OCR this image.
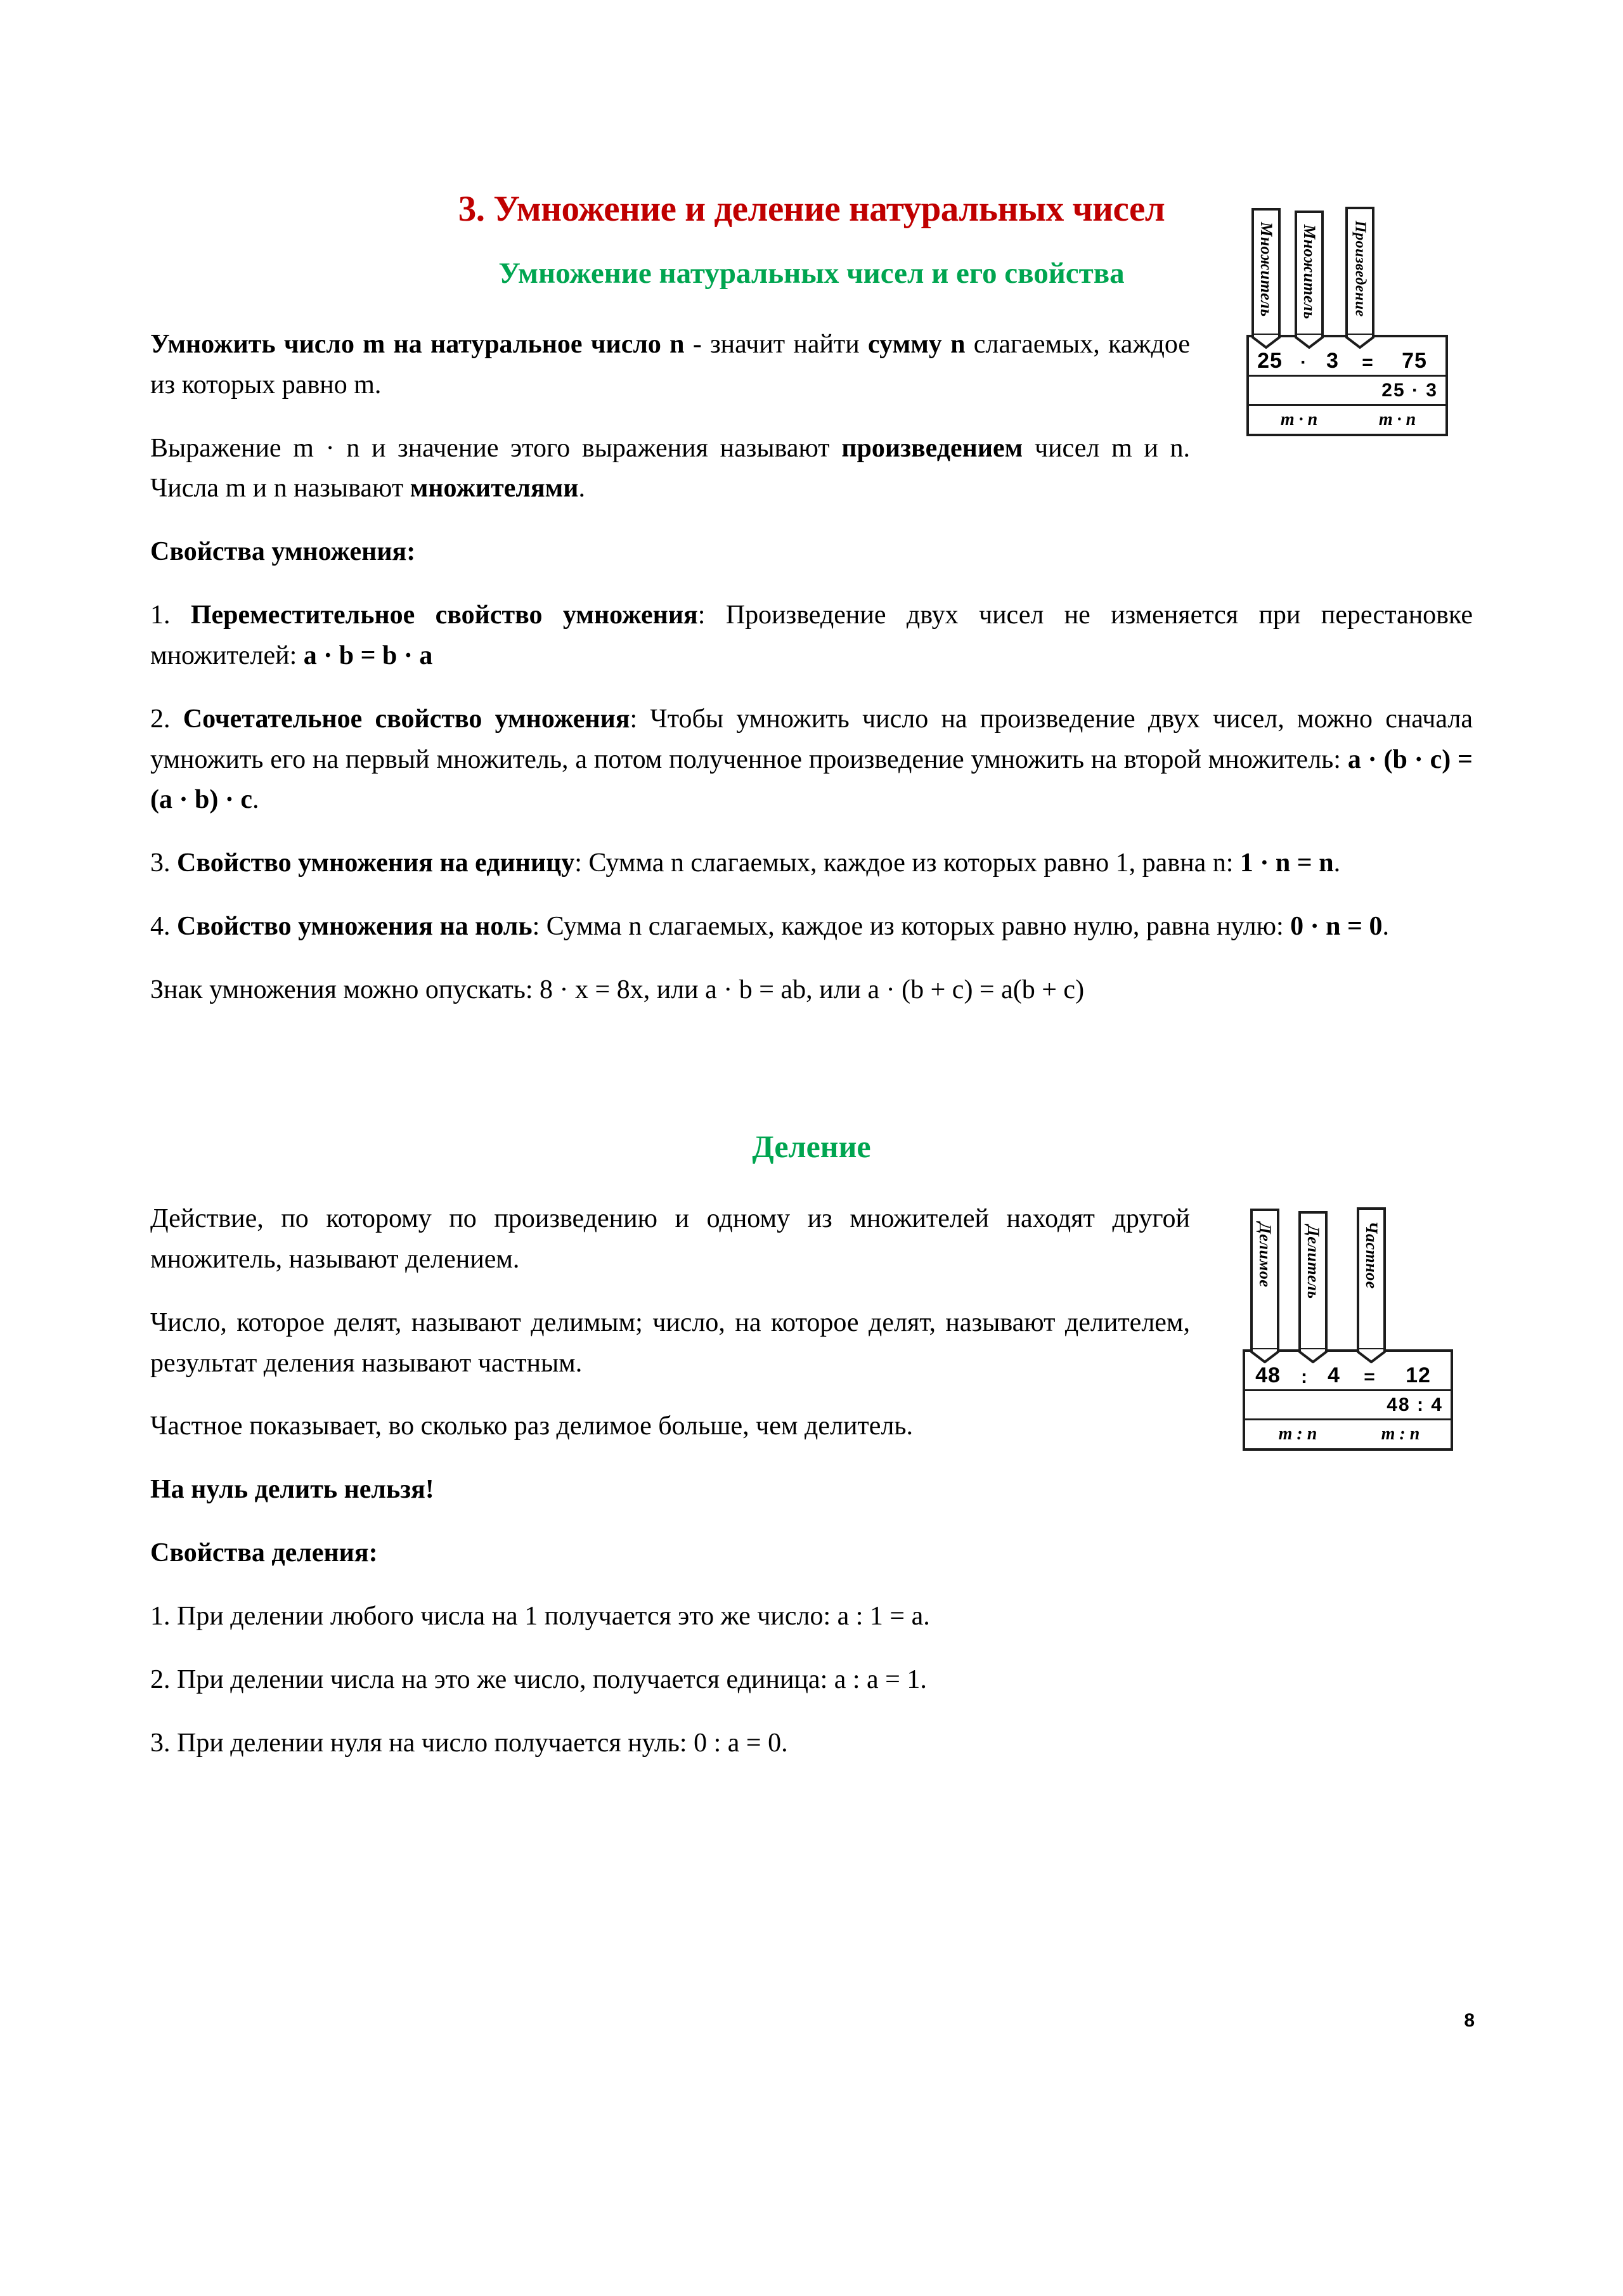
Множитель Множитель Произведение
25 · 3	=	75
25 · 3
m · n	m · n
Делимое Делитель Частное
48	: 4	=	12
48 : 4
m : n	m : n
3. Умножение и деление натуральных чисел
Умножение натуральных чисел и его свойства

Умножить число m на натуральное число n - значит найти сумму n слагаемых, каждое из которых равно m.

Выражение m · n и значение этого выражения называют произведением чисел m и n. Числа m и n называют множителями.

Свойства умножения:

1. Переместительное свойство умножения: Произведение двух чисел не изменяется при перестановке множителей: a · b = b · a

2. Сочетательное свойство умножения: Чтобы умножить число на произведение двух чисел, можно сначала умножить его на первый множитель, а потом полученное произведение умножить на второй множитель: a · (b · c) = (a · b) · c.

3. Свойство умножения на единицу: Сумма n слагаемых, каждое из которых равно 1, равна n: 1 · n = n.

4. Свойство умножения на ноль: Сумма n слагаемых, каждое из которых равно нулю, равна нулю: 0 · n = 0.

Знак умножения можно опускать: 8 · x = 8x, или a · b = ab, или a · (b + c) = a(b + c)

Деление

Действие, по которому по произведению и одному из множителей находят другой множитель, называют делением.

Число, которое делят, называют делимым; число, на которое делят, называют делителем, результат деления называют частным.

Частное показывает, во сколько раз делимое больше, чем делитель.

На нуль делить нельзя!

Свойства деления:

1. При делении любого числа на 1 получается это же число: a : 1 = a.

2. При делении числа на это же число, получается единица: a : a = 1.

3. При делении нуля на число получается нуль: 0 : a = 0.

8
